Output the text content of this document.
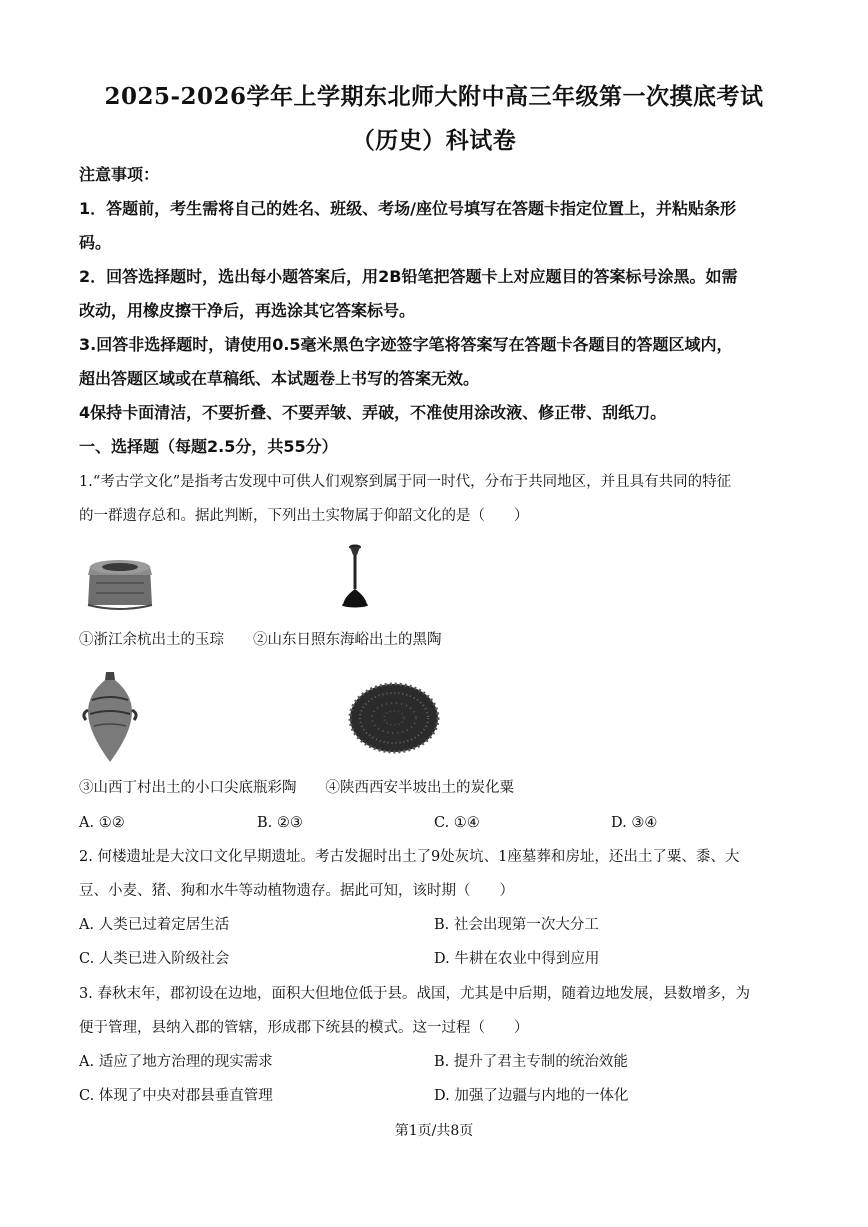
2025-2026学年上学期东北师大附中高三年级第一次摸底考试
（历史）科试卷
注意事项：
1．答题前，考生需将自己的姓名、班级、考场/座位号填写在答题卡指定位置上，并粘贴条形
码。
2．回答选择题时，选出每小题答案后，用2B铅笔把答题卡上对应题目的答案标号涂黑。如需
改动，用橡皮擦干净后，再选涂其它答案标号。
3.回答非选择题时，请使用0.5毫米黑色字迹签字笔将答案写在答题卡各题目的答题区域内，
超出答题区域或在草稿纸、本试题卷上书写的答案无效。
4保持卡面清洁，不要折叠、不要弄皱、弄破，不准使用涂改液、修正带、刮纸刀。
一、选择题（每题2.5分，共55分）
1.“考古学文化”是指考古发现中可供人们观察到属于同一时代，分布于共同地区，并且具有共同的特征
的一群遗存总和。据此判断，下列出土实物属于仰韶文化的是（　　）
①浙江余杭出土的玉琮　　②山东日照东海峪出土的黑陶
③山西丁村出土的小口尖底瓶彩陶　　④陕西西安半坡出土的炭化粟
A. ①②	B. ②③	C. ①④	D. ③④
2. 何楼遗址是大汶口文化早期遗址。考古发掘时出土了9处灰坑、1座墓葬和房址，还出土了粟、黍、大
豆、小麦、猪、狗和水牛等动植物遗存。据此可知，该时期（　　）
A. 人类已过着定居生活	B. 社会出现第一次大分工
C. 人类已进入阶级社会	D. 牛耕在农业中得到应用
3. 春秋末年，郡初设在边地，面积大但地位低于县。战国，尤其是中后期，随着边地发展，县数增多，为
便于管理，县纳入郡的管辖，形成郡下统县的模式。这一过程（　　）
A. 适应了地方治理的现实需求	B. 提升了君主专制的统治效能
C. 体现了中央对郡县垂直管理	D. 加强了边疆与内地的一体化
第1页/共8页
